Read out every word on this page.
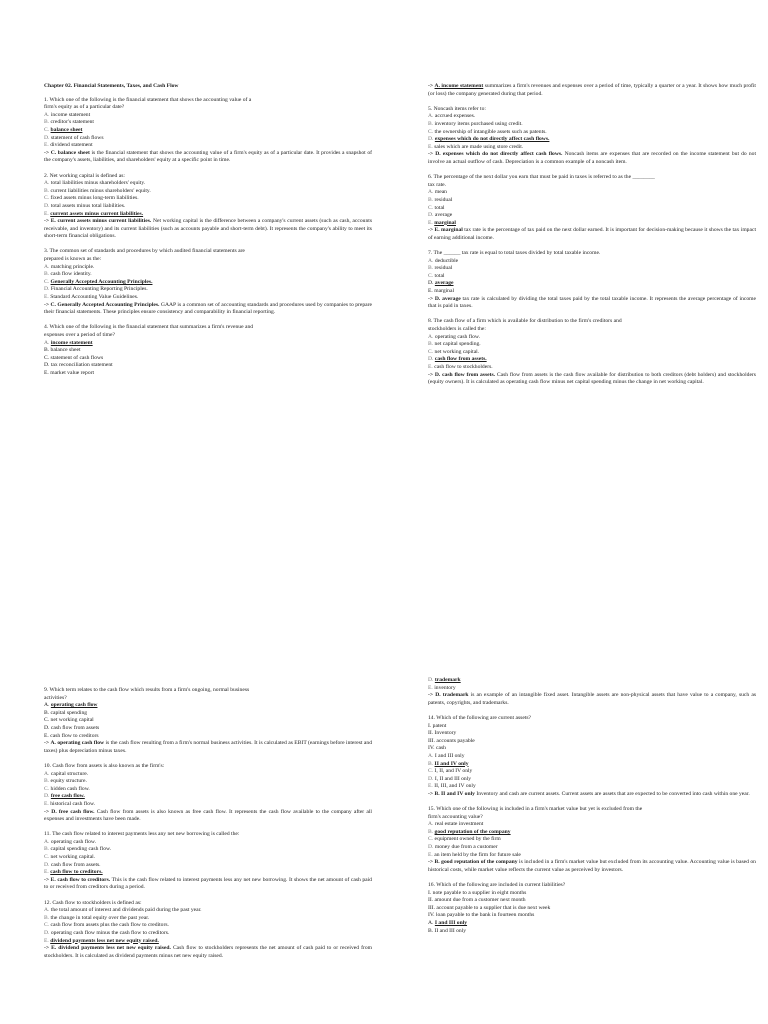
Chapter 02. Financial Statements, Taxes, and Cash Flow
1. Which one of the following is the financial statement that shows the accounting value of a
firm's equity as of a particular date?
A. income statement
B. creditor's statement
C. balance sheet
D. statement of cash flows
E. dividend statement
-> C. balance sheet is the financial statement that shows the accounting value of a firm's equity as of a particular date. It provides a snapshot of the company's assets, liabilities, and shareholders' equity at a specific point in time.
2. Net working capital is defined as:
A. total liabilities minus shareholders' equity.
B. current liabilities minus shareholders' equity.
C. fixed assets minus long-term liabilities.
D. total assets minus total liabilities.
E. current assets minus current liabilities.
-> E. current assets minus current liabilities. Net working capital is the difference between a company's current assets (such as cash, accounts receivable, and inventory) and its current liabilities (such as accounts payable and short-term debt). It represents the company's ability to meet its short-term financial obligations.
3. The common set of standards and procedures by which audited financial statements are
prepared is known as the:
A. matching principle.
B. cash flow identity.
C. Generally Accepted Accounting Principles.
D. Financial Accounting Reporting Principles.
E. Standard Accounting Value Guidelines.
-> C. Generally Accepted Accounting Principles. GAAP is a common set of accounting standards and procedures used by companies to prepare their financial statements. These principles ensure consistency and comparability in financial reporting.
4. Which one of the following is the financial statement that summarizes a firm's revenue and
expenses over a period of time?
A. income statement
B. balance sheet
C. statement of cash flows
D. tax reconciliation statement
E. market value report
-> A. income statement summarizes a firm's revenues and expenses over a period of time, typically a quarter or a year. It shows how much profit (or loss) the company generated during that period.
5. Noncash items refer to:
A. accrued expenses.
B. inventory items purchased using credit.
C. the ownership of intangible assets such as patents.
D. expenses which do not directly affect cash flows.
E. sales which are made using store credit.
-> D. expenses which do not directly affect cash flows. Noncash items are expenses that are recorded on the income statement but do not involve an actual outflow of cash. Depreciation is a common example of a noncash item.
6. The percentage of the next dollar you earn that must be paid in taxes is referred to as the ________
tax rate.
A. mean
B. residual
C. total
D. average
E. marginal
-> E. marginal tax rate is the percentage of tax paid on the next dollar earned. It is important for decision-making because it shows the tax impact of earning additional income.
7. The ______ tax rate is equal to total taxes divided by total taxable income.
A. deductible
B. residual
C. total
D. average
E. marginal
-> D. average tax rate is calculated by dividing the total taxes paid by the total taxable income. It represents the average percentage of income that is paid in taxes.
8. The cash flow of a firm which is available for distribution to the firm's creditors and
stockholders is called the:
A. operating cash flow.
B. net capital spending.
C. net working capital.
D. cash flow from assets.
E. cash flow to stockholders.
-> D. cash flow from assets. Cash flow from assets is the cash flow available for distribution to both creditors (debt holders) and stockholders (equity owners). It is calculated as operating cash flow minus net capital spending minus the change in net working capital.
9. Which term relates to the cash flow which results from a firm's ongoing, normal business
activities?
A. operating cash flow
B. capital spending
C. net working capital
D. cash flow from assets
E. cash flow to creditors
-> A. operating cash flow is the cash flow resulting from a firm's normal business activities. It is calculated as EBIT (earnings before interest and taxes) plus depreciation minus taxes.
10. Cash flow from assets is also known as the firm's:
A. capital structure.
B. equity structure.
C. hidden cash flow.
D. free cash flow.
E. historical cash flow.
-> D. free cash flow. Cash flow from assets is also known as free cash flow. It represents the cash flow available to the company after all expenses and investments have been made.
11. The cash flow related to interest payments less any net new borrowing is called the:
A. operating cash flow.
B. capital spending cash flow.
C. net working capital.
D. cash flow from assets.
E. cash flow to creditors.
-> E. cash flow to creditors. This is the cash flow related to interest payments less any net new borrowing. It shows the net amount of cash paid to or received from creditors during a period.
12. Cash flow to stockholders is defined as:
A. the total amount of interest and dividends paid during the past year.
B. the change in total equity over the past year.
C. cash flow from assets plus the cash flow to creditors.
D. operating cash flow minus the cash flow to creditors.
E. dividend payments less net new equity raised.
-> E. dividend payments less net new equity raised. Cash flow to stockholders represents the net amount of cash paid to or received from stockholders. It is calculated as dividend payments minus net new equity raised.
D. trademark
E. inventory
-> D. trademark is an example of an intangible fixed asset. Intangible assets are non-physical assets that have value to a company, such as patents, copyrights, and trademarks.
14. Which of the following are current assets?
I. patent
II. Inventory
III. accounts payable
IV. cash
A. I and III only
B. II and IV only
C. I, II, and IV only
D. I, II and III only
E. II, III, and IV only
-> B. II and IV only Inventory and cash are current assets. Current assets are assets that are expected to be converted into cash within one year.
15. Which one of the following is included in a firm's market value but yet is excluded from the
firm's accounting value?
A. real estate investment
B. good reputation of the company
C. equipment owned by the firm
D. money due from a customer
E. an item held by the firm for future sale
-> B. good reputation of the company is included in a firm's market value but excluded from its accounting value. Accounting value is based on historical costs, while market value reflects the current value as perceived by investors.
16. Which of the following are included in current liabilities?
I. note payable to a supplier in eight months
II. amount due from a customer next month
III. account payable to a supplier that is due next week
IV. loan payable to the bank in fourteen months
A. I and III only
B. II and III only
